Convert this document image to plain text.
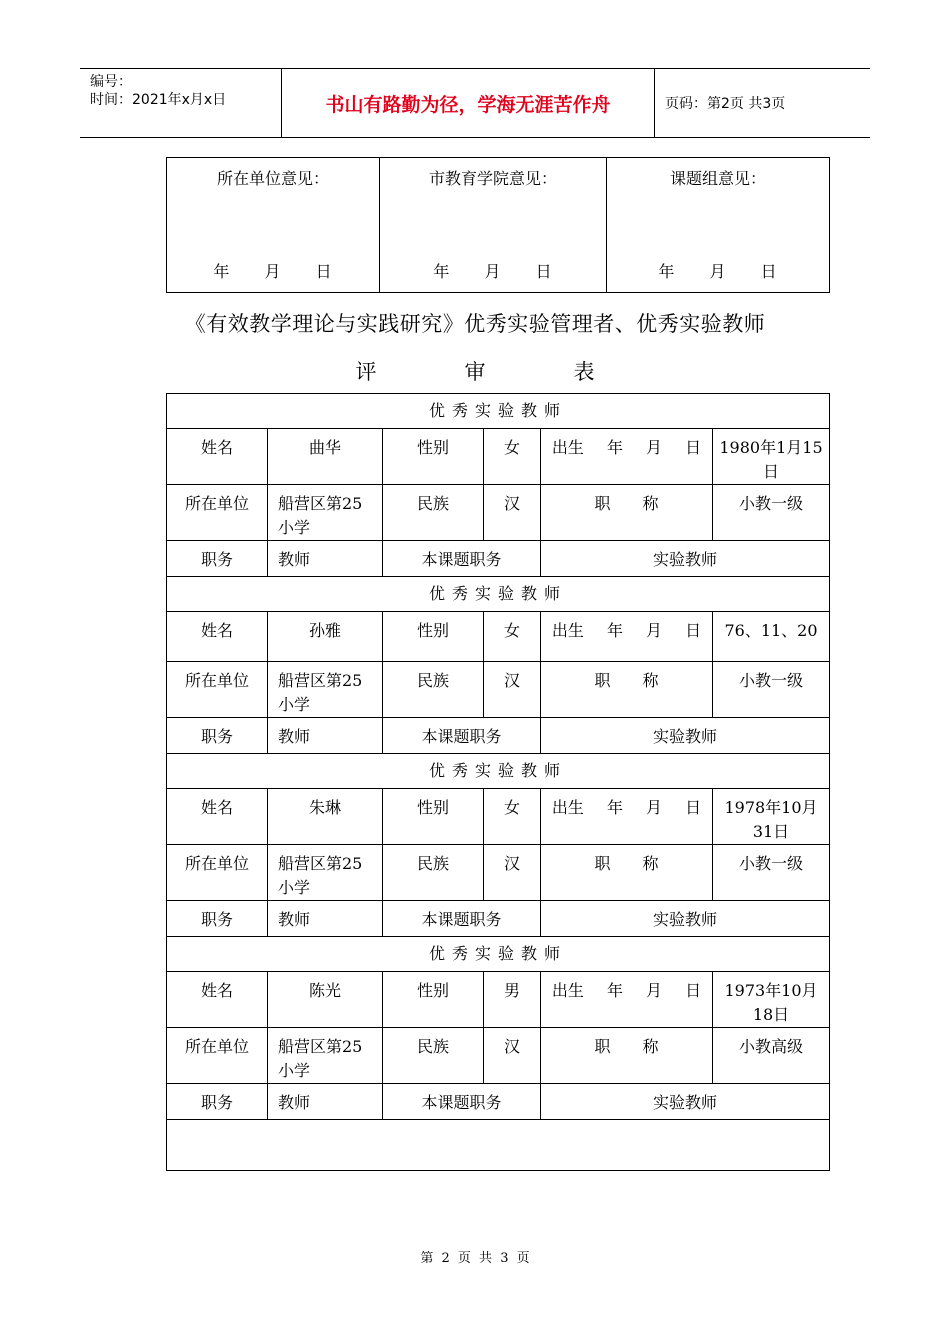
编号：
时间：2021年x月x日	书山有路勤为径，学海无涯苦作舟	页码：第2页 共3页
所在单位意见：
年 月 日

市教育学院意见：
年 月 日

课题组意见：
年 月 日
《有效教学理论与实践研究》优秀实验管理者、优秀实验教师
评	审	表
优秀实验教师					
姓名	曲华	性别	女	出生 年 月 日	1980年1月15日
所在单位	船营区第25小学	民族	汉	职　　称	小教一级
职务	教师	本课题职务		实验教师	
优秀实验教师					
姓名	孙雅	性别	女	出生 年 月 日	76、11、20
所在单位	船营区第25小学	民族	汉	职　　称	小教一级
职务	教师	本课题职务		实验教师	
优秀实验教师					
姓名	朱琳	性别	女	出生 年 月 日	1978年10月31日
所在单位	船营区第25小学	民族	汉	职　　称	小教一级
职务	教师	本课题职务		实验教师	
优秀实验教师					
姓名	陈光	性别	男	出生 年 月 日	1973年10月18日
所在单位	船营区第25小学	民族	汉	职　　称	小教高级
职务	教师	本课题职务		实验教师	

第 2 页 共 3 页
